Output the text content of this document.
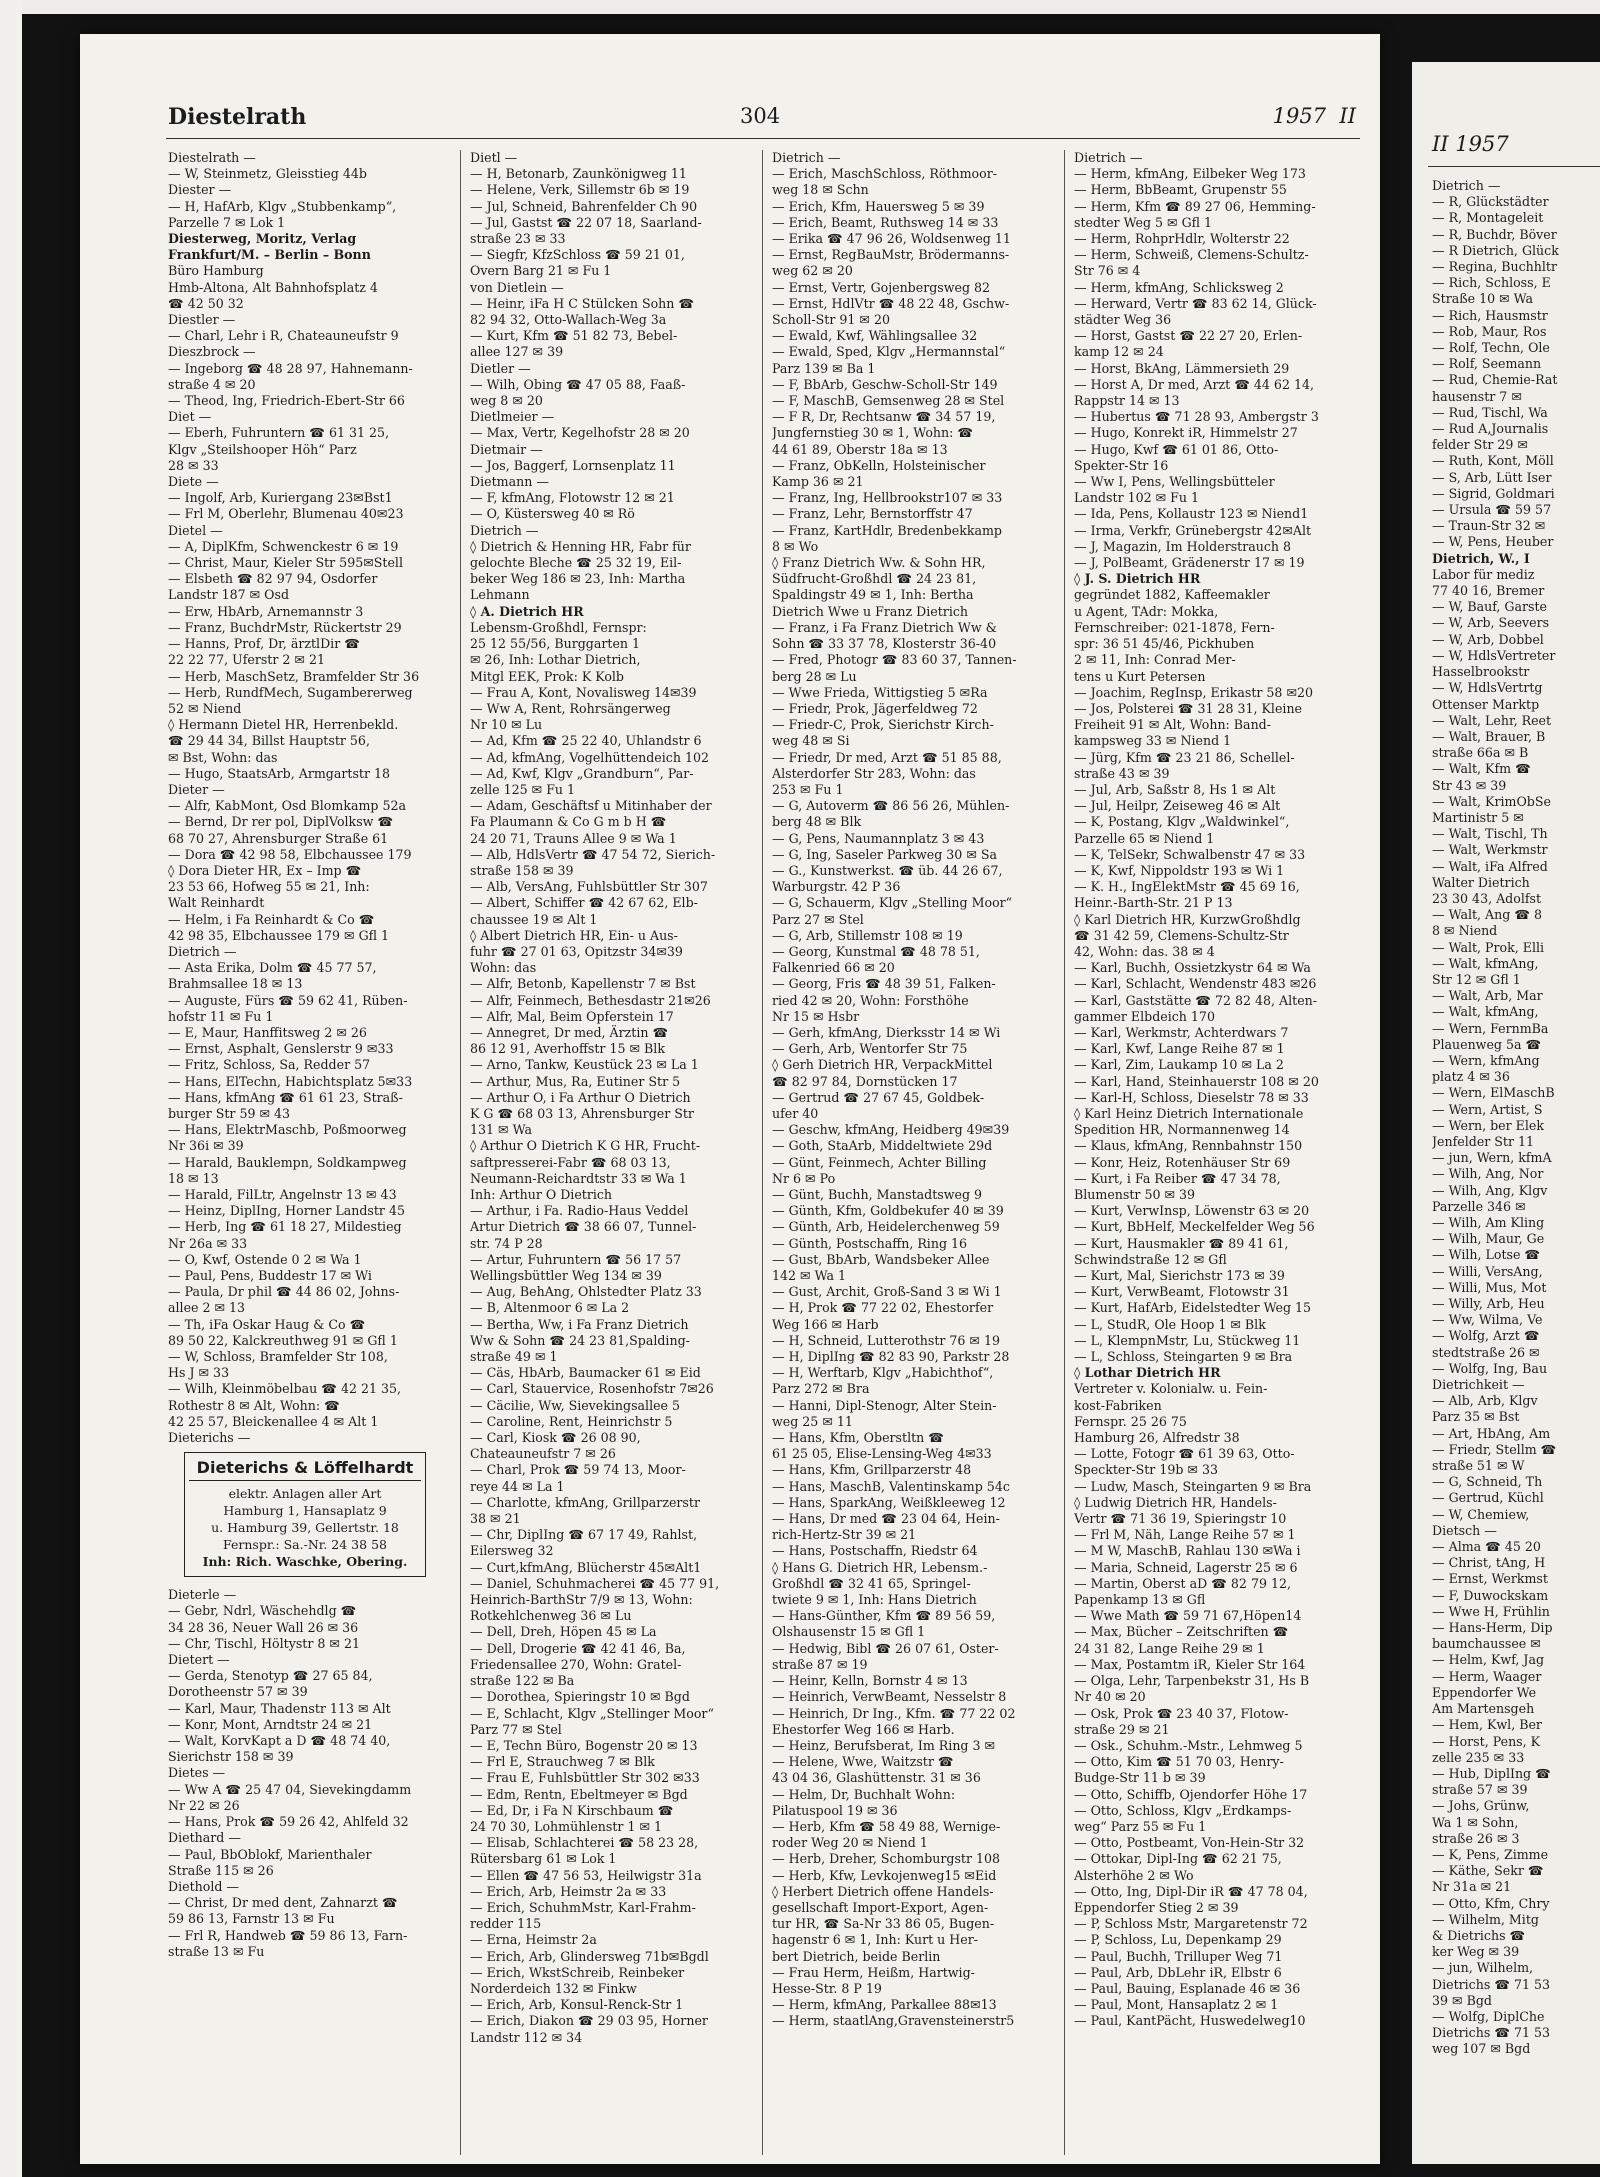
Diestelrath	304	1957 II
Diestelrath —
— W, Steinmetz, Gleisstieg 44b
Diester —
— H, HafArb, Klgv „Stubbenkamp“,
Parzelle 7 ✉ Lok 1
Diesterweg, Moritz, Verlag
Frankfurt/M. – Berlin – Bonn
Büro Hamburg
Hmb-Altona, Alt Bahnhofsplatz 4
☎ 42 50 32
Diestler —
— Charl, Lehr i R, Chateauneufstr 9
Dieszbrock —
— Ingeborg ☎ 48 28 97, Hahnemann-
straße 4 ✉ 20
— Theod, Ing, Friedrich-Ebert-Str 66
Diet —
— Eberh, Fuhruntern ☎ 61 31 25,
Klgv „Steilshooper Höh“ Parz
28 ✉ 33
Diete —
— Ingolf, Arb, Kuriergang 23✉Bst1
— Frl M, Oberlehr, Blumenau 40✉23
Dietel —
— A, DiplKfm, Schwenckestr 6 ✉ 19
— Christ, Maur, Kieler Str 595✉Stell
— Elsbeth ☎ 82 97 94, Osdorfer
Landstr 187 ✉ Osd
— Erw, HbArb, Arnemannstr 3
— Franz, BuchdrMstr, Rückertstr 29
— Hanns, Prof, Dr, ärztlDir ☎
22 22 77, Uferstr 2 ✉ 21
— Herb, MaschSetz, Bramfelder Str 36
— Herb, RundfMech, Sugambererweg
52 ✉ Niend
◊ Hermann Dietel HR, Herrenbekld.
☎ 29 44 34, Billst Hauptstr 56,
✉ Bst, Wohn: das
— Hugo, StaatsArb, Armgartstr 18
Dieter —
— Alfr, KabMont, Osd Blomkamp 52a
— Bernd, Dr rer pol, DiplVolksw ☎
68 70 27, Ahrensburger Straße 61
— Dora ☎ 42 98 58, Elbchaussee 179
◊ Dora Dieter HR, Ex – Imp ☎
23 53 66, Hofweg 55 ✉ 21, Inh:
Walt Reinhardt
— Helm, i Fa Reinhardt & Co ☎
42 98 35, Elbchaussee 179 ✉ Gfl 1
Dietrich —
— Asta Erika, Dolm ☎ 45 77 57,
Brahmsallee 18 ✉ 13
— Auguste, Fürs ☎ 59 62 41, Rüben-
hofstr 11 ✉ Fu 1
— E, Maur, Hanffitsweg 2 ✉ 26
— Ernst, Asphalt, Genslerstr 9 ✉33
— Fritz, Schloss, Sa, Redder 57
— Hans, ElTechn, Habichtsplatz 5✉33
— Hans, kfmAng ☎ 61 61 23, Straß-
burger Str 59 ✉ 43
— Hans, ElektrMaschb, Poßmoorweg
Nr 36i ✉ 39
— Harald, Bauklempn, Soldkampweg
18 ✉ 13
— Harald, FilLtr, Angelnstr 13 ✉ 43
— Heinz, DiplIng, Horner Landstr 45
— Herb, Ing ☎ 61 18 27, Mildestieg
Nr 26a ✉ 33
— O, Kwf, Ostende 0 2 ✉ Wa 1
— Paul, Pens, Buddestr 17 ✉ Wi
— Paula, Dr phil ☎ 44 86 02, Johns-
allee 2 ✉ 13
— Th, iFa Oskar Haug & Co ☎
89 50 22, Kalckreuthweg 91 ✉ Gfl 1
— W, Schloss, Bramfelder Str 108,
Hs J ✉ 33
— Wilh, Kleinmöbelbau ☎ 42 21 35,
Rothestr 8 ✉ Alt, Wohn: ☎
42 25 57, Bleickenallee 4 ✉ Alt 1
Dieterichs —
Dieterichs & Löffelhardt
elektr. Anlagen aller Art
Hamburg 1, Hansaplatz 9
u. Hamburg 39, Gellertstr. 18
Fernspr.: Sa.-Nr. 24 38 58
Inh: Rich. Waschke, Obering.
Dieterle —
— Gebr, Ndrl, Wäschehdlg ☎
34 28 36, Neuer Wall 26 ✉ 36
— Chr, Tischl, Höltystr 8 ✉ 21
Dietert —
— Gerda, Stenotyp ☎ 27 65 84,
Dorotheenstr 57 ✉ 39
— Karl, Maur, Thadenstr 113 ✉ Alt
— Konr, Mont, Arndtstr 24 ✉ 21
— Walt, KorvKapt a D ☎ 48 74 40,
Sierichstr 158 ✉ 39
Dietes —
— Ww A ☎ 25 47 04, Sievekingdamm
Nr 22 ✉ 26
— Hans, Prok ☎ 59 26 42, Ahlfeld 32
Diethard —
— Paul, BbOblokf, Marienthaler
Straße 115 ✉ 26
Diethold —
— Christ, Dr med dent, Zahnarzt ☎
59 86 13, Farnstr 13 ✉ Fu
— Frl R, Handweb ☎ 59 86 13, Farn-
straße 13 ✉ Fu
Dietl —
— H, Betonarb, Zaunkönigweg 11
— Helene, Verk, Sillemstr 6b ✉ 19
— Jul, Schneid, Bahrenfelder Ch 90
— Jul, Gastst ☎ 22 07 18, Saarland-
straße 23 ✉ 33
— Siegfr, KfzSchloss ☎ 59 21 01,
Overn Barg 21 ✉ Fu 1
von Dietlein —
— Heinr, iFa H C Stülcken Sohn ☎
82 94 32, Otto-Wallach-Weg 3a
— Kurt, Kfm ☎ 51 82 73, Bebel-
allee 127 ✉ 39
Dietler —
— Wilh, Obing ☎ 47 05 88, Faaß-
weg 8 ✉ 20
Dietlmeier —
— Max, Vertr, Kegelhofstr 28 ✉ 20
Dietmair —
— Jos, Baggerf, Lornsenplatz 11
Dietmann —
— F, kfmAng, Flotowstr 12 ✉ 21
— O, Küstersweg 40 ✉ Rö
Dietrich —
◊ Dietrich & Henning HR, Fabr für
gelochte Bleche ☎ 25 32 19, Eil-
beker Weg 186 ✉ 23, Inh: Martha
Lehmann
◊ A. Dietrich HR
Lebensm-Großhdl, Fernspr:
25 12 55/56, Burggarten 1
✉ 26, Inh: Lothar Dietrich,
Mitgl EEK, Prok: K Kolb
— Frau A, Kont, Novalisweg 14✉39
— Ww A, Rent, Rohrsängerweg
Nr 10 ✉ Lu
— Ad, Kfm ☎ 25 22 40, Uhlandstr 6
— Ad, kfmAng, Vogelhüttendeich 102
— Ad, Kwf, Klgv „Grandburn“, Par-
zelle 125 ✉ Fu 1
— Adam, Geschäftsf u Mitinhaber der
Fa Plaumann & Co G m b H ☎
24 20 71, Trauns Allee 9 ✉ Wa 1
— Alb, HdlsVertr ☎ 47 54 72, Sierich-
straße 158 ✉ 39
— Alb, VersAng, Fuhlsbüttler Str 307
— Albert, Schiffer ☎ 42 67 62, Elb-
chaussee 19 ✉ Alt 1
◊ Albert Dietrich HR, Ein- u Aus-
fuhr ☎ 27 01 63, Opitzstr 34✉39
Wohn: das
— Alfr, Betonb, Kapellenstr 7 ✉ Bst
— Alfr, Feinmech, Bethesdastr 21✉26
— Alfr, Mal, Beim Opferstein 17
— Annegret, Dr med, Ärztin ☎
86 12 91, Averhoffstr 15 ✉ Blk
— Arno, Tankw, Keustück 23 ✉ La 1
— Arthur, Mus, Ra, Eutiner Str 5
— Arthur O, i Fa Arthur O Dietrich
K G ☎ 68 03 13, Ahrensburger Str
131 ✉ Wa
◊ Arthur O Dietrich K G HR, Frucht-
saftpresserei-Fabr ☎ 68 03 13,
Neumann-Reichardtstr 33 ✉ Wa 1
Inh: Arthur O Dietrich
— Arthur, i Fa. Radio-Haus Veddel
Artur Dietrich ☎ 38 66 07, Tunnel-
str. 74 P 28
— Artur, Fuhruntern ☎ 56 17 57
Wellingsbüttler Weg 134 ✉ 39
— Aug, BehAng, Ohlstedter Platz 33
— B, Altenmoor 6 ✉ La 2
— Bertha, Ww, i Fa Franz Dietrich
Ww & Sohn ☎ 24 23 81,Spalding-
straße 49 ✉ 1
— Cäs, HbArb, Baumacker 61 ✉ Eid
— Carl, Stauervice, Rosenhofstr 7✉26
— Cäcilie, Ww, Sievekingsallee 5
— Caroline, Rent, Heinrichstr 5
— Carl, Kiosk ☎ 26 08 90,
Chateauneufstr 7 ✉ 26
— Charl, Prok ☎ 59 74 13, Moor-
reye 44 ✉ La 1
— Charlotte, kfmAng, Grillparzerstr
38 ✉ 21
— Chr, DiplIng ☎ 67 17 49, Rahlst,
Eilersweg 32
— Curt,kfmAng, Blücherstr 45✉Alt1
— Daniel, Schuhmacherei ☎ 45 77 91,
Heinrich-BarthStr 7/9 ✉ 13, Wohn:
Rotkehlchenweg 36 ✉ Lu
— Dell, Dreh, Höpen 45 ✉ La
— Dell, Drogerie ☎ 42 41 46, Ba,
Friedensallee 270, Wohn: Gratel-
straße 122 ✉ Ba
— Dorothea, Spieringstr 10 ✉ Bgd
— E, Schlacht, Klgv „Stellinger Moor“
Parz 77 ✉ Stel
— E, Techn Büro, Bogenstr 20 ✉ 13
— Frl E, Strauchweg 7 ✉ Blk
— Frau E, Fuhlsbüttler Str 302 ✉33
— Edm, Rentn, Ebeltmeyer ✉ Bgd
— Ed, Dr, i Fa N Kirschbaum ☎
24 70 30, Lohmühlenstr 1 ✉ 1
— Elisab, Schlachterei ☎ 58 23 28,
Rütersbarg 61 ✉ Lok 1
— Ellen ☎ 47 56 53, Heilwigstr 31a
— Erich, Arb, Heimstr 2a ✉ 33
— Erich, SchuhmMstr, Karl-Frahm-
redder 115
— Erna, Heimstr 2a
— Erich, Arb, Glindersweg 71b✉Bgdl
— Erich, WkstSchreib, Reinbeker
Norderdeich 132 ✉ Finkw
— Erich, Arb, Konsul-Renck-Str 1
— Erich, Diakon ☎ 29 03 95, Horner
Landstr 112 ✉ 34
Dietrich —
— Erich, MaschSchloss, Röthmoor-
weg 18 ✉ Schn
— Erich, Kfm, Hauersweg 5 ✉ 39
— Erich, Beamt, Ruthsweg 14 ✉ 33
— Erika ☎ 47 96 26, Woldsenweg 11
— Ernst, RegBauMstr, Brödermanns-
weg 62 ✉ 20
— Ernst, Vertr, Gojenbergsweg 82
— Ernst, HdlVtr ☎ 48 22 48, Gschw-
Scholl-Str 91 ✉ 20
— Ewald, Kwf, Wählingsallee 32
— Ewald, Sped, Klgv „Hermannstal“
Parz 139 ✉ Ba 1
— F, BbArb, Geschw-Scholl-Str 149
— F, MaschB, Gemsenweg 28 ✉ Stel
— F R, Dr, Rechtsanw ☎ 34 57 19,
Jungfernstieg 30 ✉ 1, Wohn: ☎
44 61 89, Oberstr 18a ✉ 13
— Franz, ObKelln, Holsteinischer
Kamp 36 ✉ 21
— Franz, Ing, Hellbrookstr107 ✉ 33
— Franz, Lehr, Bernstorffstr 47
— Franz, KartHdlr, Bredenbekkamp
8 ✉ Wo
◊ Franz Dietrich Ww. & Sohn HR,
Südfrucht-Großhdl ☎ 24 23 81,
Spaldingstr 49 ✉ 1, Inh: Bertha
Dietrich Wwe u Franz Dietrich
— Franz, i Fa Franz Dietrich Ww &
Sohn ☎ 33 37 78, Klosterstr 36-40
— Fred, Photogr ☎ 83 60 37, Tannen-
berg 28 ✉ Lu
— Wwe Frieda, Wittigstieg 5 ✉Ra
— Friedr, Prok, Jägerfeldweg 72
— Friedr-C, Prok, Sierichstr Kirch-
weg 48 ✉ Si
— Friedr, Dr med, Arzt ☎ 51 85 88,
Alsterdorfer Str 283, Wohn: das
253 ✉ Fu 1
— G, Autoverm ☎ 86 56 26, Mühlen-
berg 48 ✉ Blk
— G, Pens, Naumannplatz 3 ✉ 43
— G, Ing, Saseler Parkweg 30 ✉ Sa
— G., Kunstwerkst. ☎ üb. 44 26 67,
Warburgstr. 42 P 36
— G, Schauerm, Klgv „Stelling Moor“
Parz 27 ✉ Stel
— G, Arb, Stillemstr 108 ✉ 19
— Georg, Kunstmal ☎ 48 78 51,
Falkenried 66 ✉ 20
— Georg, Fris ☎ 48 39 51, Falken-
ried 42 ✉ 20, Wohn: Forsthöhe
Nr 15 ✉ Hsbr
— Gerh, kfmAng, Dierksstr 14 ✉ Wi
— Gerh, Arb, Wentorfer Str 75
◊ Gerh Dietrich HR, VerpackMittel
☎ 82 97 84, Dornstücken 17
— Gertrud ☎ 27 67 45, Goldbek-
ufer 40
— Geschw, kfmAng, Heidberg 49✉39
— Goth, StaArb, Middeltwiete 29d
— Günt, Feinmech, Achter Billing
Nr 6 ✉ Po
— Günt, Buchh, Manstadtsweg 9
— Günth, Kfm, Goldbekufer 40 ✉ 39
— Günth, Arb, Heidelerchenweg 59
— Günth, Postschaffn, Ring 16
— Gust, BbArb, Wandsbeker Allee
142 ✉ Wa 1
— Gust, Archit, Groß-Sand 3 ✉ Wi 1
— H, Prok ☎ 77 22 02, Ehestorfer
Weg 166 ✉ Harb
— H, Schneid, Lutterothstr 76 ✉ 19
— H, DiplIng ☎ 82 83 90, Parkstr 28
— H, Werftarb, Klgv „Habichthof“,
Parz 272 ✉ Bra
— Hanni, Dipl-Stenogr, Alter Stein-
weg 25 ✉ 11
— Hans, Kfm, Oberstltn ☎
61 25 05, Elise-Lensing-Weg 4✉33
— Hans, Kfm, Grillparzerstr 48
— Hans, MaschB, Valentinskamp 54c
— Hans, SparkAng, Weißkleeweg 12
— Hans, Dr med ☎ 23 04 64, Hein-
rich-Hertz-Str 39 ✉ 21
— Hans, Postschaffn, Riedstr 64
◊ Hans G. Dietrich HR, Lebensm.-
Großhdl ☎ 32 41 65, Springel-
twiete 9 ✉ 1, Inh: Hans Dietrich
— Hans-Günther, Kfm ☎ 89 56 59,
Olshausenstr 15 ✉ Gfl 1
— Hedwig, Bibl ☎ 26 07 61, Oster-
straße 87 ✉ 19
— Heinr, Kelln, Bornstr 4 ✉ 13
— Heinrich, VerwBeamt, Nesselstr 8
— Heinrich, Dr Ing., Kfm. ☎ 77 22 02
Ehestorfer Weg 166 ✉ Harb.
— Heinz, Berufsberat, Im Ring 3 ✉
— Helene, Wwe, Waitzstr ☎
43 04 36, Glashüttenstr. 31 ✉ 36
— Helm, Dr, Buchhalt Wohn:
Pilatuspool 19 ✉ 36
— Herb, Kfm ☎ 58 49 88, Wernige-
roder Weg 20 ✉ Niend 1
— Herb, Dreher, Schomburgstr 108
— Herb, Kfw, Levkojenweg15 ✉Eid
◊ Herbert Dietrich offene Handels-
gesellschaft Import-Export, Agen-
tur HR, ☎ Sa-Nr 33 86 05, Bugen-
hagenstr 6 ✉ 1, Inh: Kurt u Her-
bert Dietrich, beide Berlin
— Frau Herm, Heißm, Hartwig-
Hesse-Str. 8 P 19
— Herm, kfmAng, Parkallee 88✉13
— Herm, staatlAng,Gravensteinerstr5
Dietrich —
— Herm, kfmAng, Eilbeker Weg 173
— Herm, BbBeamt, Grupenstr 55
— Herm, Kfm ☎ 89 27 06, Hemming-
stedter Weg 5 ✉ Gfl 1
— Herm, RohprHdlr, Wolterstr 22
— Herm, Schweiß, Clemens-Schultz-
Str 76 ✉ 4
— Herm, kfmAng, Schlicksweg 2
— Herward, Vertr ☎ 83 62 14, Glück-
städter Weg 36
— Horst, Gastst ☎ 22 27 20, Erlen-
kamp 12 ✉ 24
— Horst, BkAng, Lämmersieth 29
— Horst A, Dr med, Arzt ☎ 44 62 14,
Rappstr 14 ✉ 13
— Hubertus ☎ 71 28 93, Ambergstr 3
— Hugo, Konrekt iR, Himmelstr 27
— Hugo, Kwf ☎ 61 01 86, Otto-
Spekter-Str 16
— Ww I, Pens, Wellingsbütteler
Landstr 102 ✉ Fu 1
— Ida, Pens, Kollaustr 123 ✉ Niend1
— Irma, Verkfr, Grünebergstr 42✉Alt
— J, Magazin, Im Holderstrauch 8
— J, PolBeamt, Grädenerstr 17 ✉ 19
◊ J. S. Dietrich HR
gegründet 1882, Kaffeemakler
u Agent, TAdr: Mokka,
Fernschreiber: 021-1878, Fern-
spr: 36 51 45/46, Pickhuben
2 ✉ 11, Inh: Conrad Mer-
tens u Kurt Petersen
— Joachim, RegInsp, Erikastr 58 ✉20
— Jos, Polsterei ☎ 31 28 31, Kleine
Freiheit 91 ✉ Alt, Wohn: Band-
kampsweg 33 ✉ Niend 1
— Jürg, Kfm ☎ 23 21 86, Schellel-
straße 43 ✉ 39
— Jul, Arb, Saßstr 8, Hs 1 ✉ Alt
— Jul, Heilpr, Zeiseweg 46 ✉ Alt
— K, Postang, Klgv „Waldwinkel“,
Parzelle 65 ✉ Niend 1
— K, TelSekr, Schwalbenstr 47 ✉ 33
— K, Kwf, Nippoldstr 193 ✉ Wi 1
— K. H., IngElektMstr ☎ 45 69 16,
Heinr.-Barth-Str. 21 P 13
◊ Karl Dietrich HR, KurzwGroßhdlg
☎ 31 42 59, Clemens-Schultz-Str
42, Wohn: das. 38 ✉ 4
— Karl, Buchh, Ossietzkystr 64 ✉ Wa
— Karl, Schlacht, Wendenstr 483 ✉26
— Karl, Gaststätte ☎ 72 82 48, Alten-
gammer Elbdeich 170
— Karl, Werkmstr, Achterdwars 7
— Karl, Kwf, Lange Reihe 87 ✉ 1
— Karl, Zim, Laukamp 10 ✉ La 2
— Karl, Hand, Steinhauerstr 108 ✉ 20
— Karl-H, Schloss, Dieselstr 78 ✉ 33
◊ Karl Heinz Dietrich Internationale
Spedition HR, Normannenweg 14
— Klaus, kfmAng, Rennbahnstr 150
— Konr, Heiz, Rotenhäuser Str 69
— Kurt, i Fa Reiber ☎ 47 34 78,
Blumenstr 50 ✉ 39
— Kurt, VerwInsp, Löwenstr 63 ✉ 20
— Kurt, BbHelf, Meckelfelder Weg 56
— Kurt, Hausmakler ☎ 89 41 61,
Schwindstraße 12 ✉ Gfl
— Kurt, Mal, Sierichstr 173 ✉ 39
— Kurt, VerwBeamt, Flotowstr 31
— Kurt, HafArb, Eidelstedter Weg 15
— L, StudR, Ole Hoop 1 ✉ Blk
— L, KlempnMstr, Lu, Stückweg 11
— L, Schloss, Steingarten 9 ✉ Bra
◊ Lothar Dietrich HR
Vertreter v. Kolonialw. u. Fein-
kost-Fabriken
Fernspr. 25 26 75
Hamburg 26, Alfredstr 38
— Lotte, Fotogr ☎ 61 39 63, Otto-
Speckter-Str 19b ✉ 33
— Ludw, Masch, Steingarten 9 ✉ Bra
◊ Ludwig Dietrich HR, Handels-
Vertr ☎ 71 36 19, Spieringstr 10
— Frl M, Näh, Lange Reihe 57 ✉ 1
— M W, MaschB, Rahlau 130 ✉Wa i
— Maria, Schneid, Lagerstr 25 ✉ 6
— Martin, Oberst aD ☎ 82 79 12,
Papenkamp 13 ✉ Gfl
— Wwe Math ☎ 59 71 67,Höpen14
— Max, Bücher – Zeitschriften ☎
24 31 82, Lange Reihe 29 ✉ 1
— Max, Postamtm iR, Kieler Str 164
— Olga, Lehr, Tarpenbekstr 31, Hs B
Nr 40 ✉ 20
— Osk, Prok ☎ 23 40 37, Flotow-
straße 29 ✉ 21
— Osk., Schuhm.-Mstr., Lehmweg 5
— Otto, Kim ☎ 51 70 03, Henry-
Budge-Str 11 b ✉ 39
— Otto, Schiffb, Ojendorfer Höhe 17
— Otto, Schloss, Klgv „Erdkamps-
weg“ Parz 55 ✉ Fu 1
— Otto, Postbeamt, Von-Hein-Str 32
— Ottokar, Dipl-Ing ☎ 62 21 75,
Alsterhöhe 2 ✉ Wo
— Otto, Ing, Dipl-Dir iR ☎ 47 78 04,
Eppendorfer Stieg 2 ✉ 39
— P, Schloss Mstr, Margaretenstr 72
— P, Schloss, Lu, Depenkamp 29
— Paul, Buchh, Trilluper Weg 71
— Paul, Arb, DbLehr iR, Elbstr 6
— Paul, Bauing, Esplanade 46 ✉ 36
— Paul, Mont, Hansaplatz 2 ✉ 1
— Paul, KantPächt, Huswedelweg10
II 1957
Dietrich —
— R, Glückstädter
— R, Montageleit
— R, Buchdr, Böver
— R Dietrich, Glück
— Regina, Buchhltr
— Rich, Schloss, E
Straße 10 ✉ Wa
— Rich, Hausmstr
— Rob, Maur, Ros
— Rolf, Techn, Ole
— Rolf, Seemann
— Rud, Chemie-Rat
hausenstr 7 ✉
— Rud, Tischl, Wa
— Rud A,Journalis
felder Str 29 ✉
— Ruth, Kont, Möll
— S, Arb, Lütt Iser
— Sigrid, Goldmari
— Ursula ☎ 59 57
— Traun-Str 32 ✉
— W, Pens, Heuber
Dietrich, W., I
Labor für mediz
77 40 16, Bremer
— W, Bauf, Garste
— W, Arb, Seevers
— W, Arb, Dobbel
— W, HdlsVertreter
Hasselbrookstr
— W, HdlsVertrtg
Ottenser Marktp
— Walt, Lehr, Reet
— Walt, Brauer, B
straße 66a ✉ B
— Walt, Kfm ☎
Str 43 ✉ 39
— Walt, KrimObSe
Martinistr 5 ✉
— Walt, Tischl, Th
— Walt, Werkmstr
— Walt, iFa Alfred
Walter Dietrich
23 30 43, Adolfst
— Walt, Ang ☎ 8
8 ✉ Niend
— Walt, Prok, Elli
— Walt, kfmAng,
Str 12 ✉ Gfl 1
— Walt, Arb, Mar
— Walt, kfmAng,
— Wern, FernmBa
Plauenweg 5a ☎
— Wern, kfmAng
platz 4 ✉ 36
— Wern, ElMaschB
— Wern, Artist, S
— Wern, ber Elek
Jenfelder Str 11
— jun, Wern, kfmA
— Wilh, Ang, Nor
— Wilh, Ang, Klgv
Parzelle 346 ✉
— Wilh, Am Kling
— Wilh, Maur, Ge
— Wilh, Lotse ☎
— Willi, VersAng,
— Willi, Mus, Mot
— Willy, Arb, Heu
— Ww, Wilma, Ve
— Wolfg, Arzt ☎
stedtstraße 26 ✉
— Wolfg, Ing, Bau
Dietrichkeit —
— Alb, Arb, Klgv
Parz 35 ✉ Bst
— Art, HbAng, Am
— Friedr, Stellm ☎
straße 51 ✉ W
— G, Schneid, Th
— Gertrud, Küchl
— W, Chemiew,
Dietsch —
— Alma ☎ 45 20
— Christ, tAng, H
— Ernst, Werkmst
— F, Duwockskam
— Wwe H, Frühlin
— Hans-Herm, Dip
baumchaussee ✉
— Helm, Kwf, Jag
— Herm, Waager
Eppendorfer We
Am Martensgeh
— Hem, Kwl, Ber
— Horst, Pens, K
zelle 235 ✉ 33
— Hub, DiplIng ☎
straße 57 ✉ 39
— Johs, Grünw,
Wa 1 ✉ Sohn,
straße 26 ✉ 3
— K, Pens, Zimme
— Käthe, Sekr ☎
Nr 31a ✉ 21
— Otto, Kfm, Chry
— Wilhelm, Mitg
& Dietrichs ☎
ker Weg ✉ 39
— jun, Wilhelm,
Dietrichs ☎ 71 53
39 ✉ Bgd
— Wolfg, DiplChe
Dietrichs ☎ 71 53
weg 107 ✉ Bgd
